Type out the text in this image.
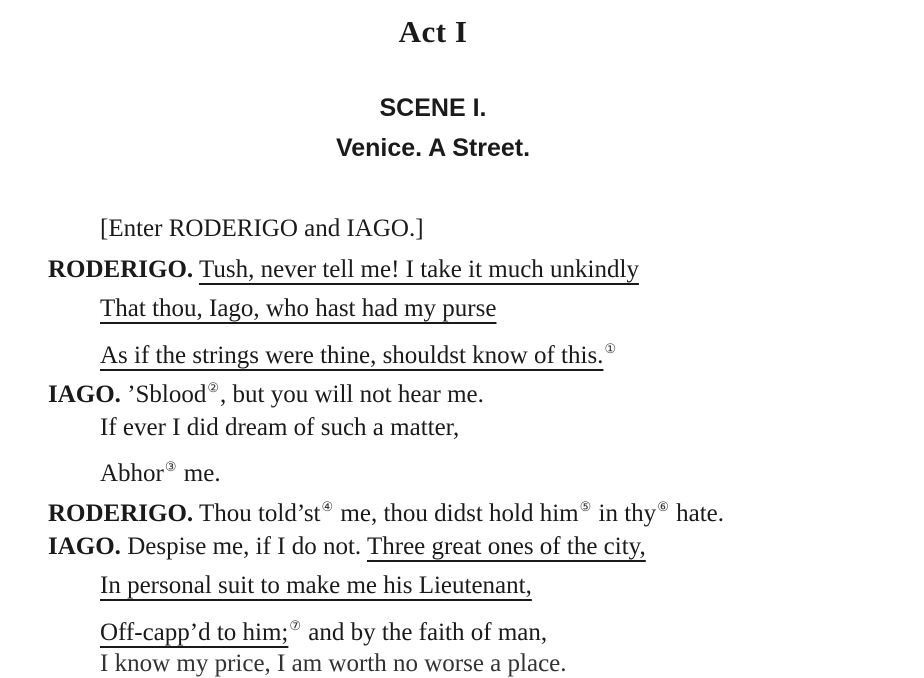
Act I
SCENE I.
Venice. A Street.
[Enter RODERIGO and IAGO.]
RODERIGO. Tush, never tell me! I take it much unkindly
That thou, Iago, who hast had my purse
As if the strings were thine, shouldst know of this.①
IAGO. ’Sblood②, but you will not hear me.
If ever I did dream of such a matter,
Abhor③ me.
RODERIGO. Thou told’st④ me, thou didst hold him⑤ in thy⑥ hate.
IAGO. Despise me, if I do not. Three great ones of the city,
In personal suit to make me his Lieutenant,
Off-capp’d to him;⑦ and by the faith of man,
I know my price, I am worth no worse a place.
